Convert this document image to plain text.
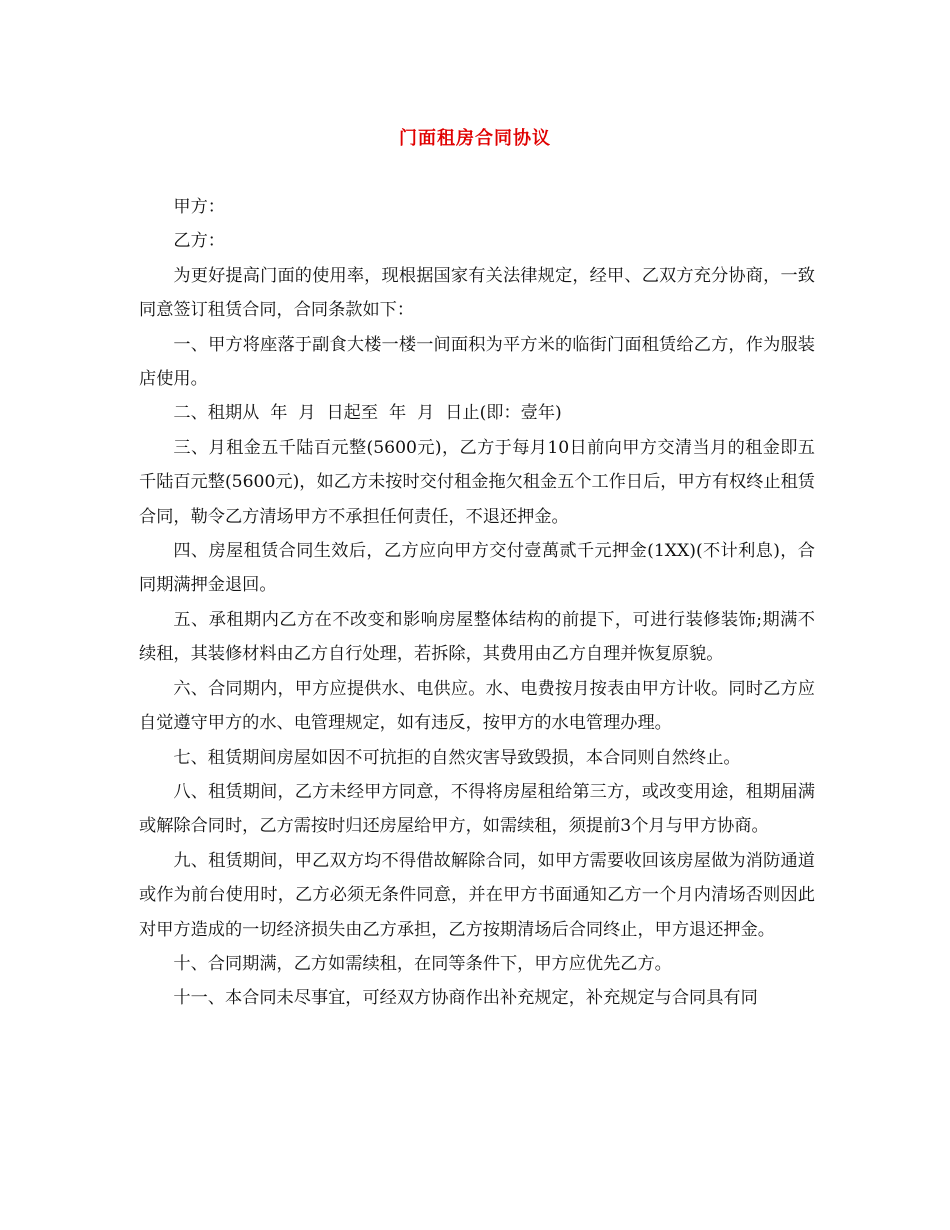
门面租房合同协议

甲方：

乙方：

为更好提高门面的使用率，现根据国家有关法律规定，经甲、乙双方充分协商，一致同意签订租赁合同，合同条款如下：

一、甲方将座落于副食大楼一楼一间面积为平方米的临街门面租赁给乙方，作为服装店使用。

二、租期从  年  月  日起至  年  月  日止(即：壹年)

三、月租金五千陆百元整(5600元)，乙方于每月10日前向甲方交清当月的租金即五千陆百元整(5600元)，如乙方未按时交付租金拖欠租金五个工作日后，甲方有权终止租赁合同，勒令乙方清场甲方不承担任何责任，不退还押金。

四、房屋租赁合同生效后，乙方应向甲方交付壹萬贰千元押金(1XX)(不计利息)，合同期满押金退回。

五、承租期内乙方在不改变和影响房屋整体结构的前提下，可进行装修装饰;期满不续租，其装修材料由乙方自行处理，若拆除，其费用由乙方自理并恢复原貌。

六、合同期内，甲方应提供水、电供应。水、电费按月按表由甲方计收。同时乙方应自觉遵守甲方的水、电管理规定，如有违反，按甲方的水电管理办理。

七、租赁期间房屋如因不可抗拒的自然灾害导致毁损，本合同则自然终止。

八、租赁期间，乙方未经甲方同意，不得将房屋租给第三方，或改变用途，租期届满或解除合同时，乙方需按时归还房屋给甲方，如需续租，须提前3个月与甲方协商。

九、租赁期间，甲乙双方均不得借故解除合同，如甲方需要收回该房屋做为消防通道或作为前台使用时，乙方必须无条件同意，并在甲方书面通知乙方一个月内清场否则因此对甲方造成的一切经济损失由乙方承担，乙方按期清场后合同终止，甲方退还押金。

十、合同期满，乙方如需续租，在同等条件下，甲方应优先乙方。

十一、本合同未尽事宜，可经双方协商作出补充规定，补充规定与合同具有同
